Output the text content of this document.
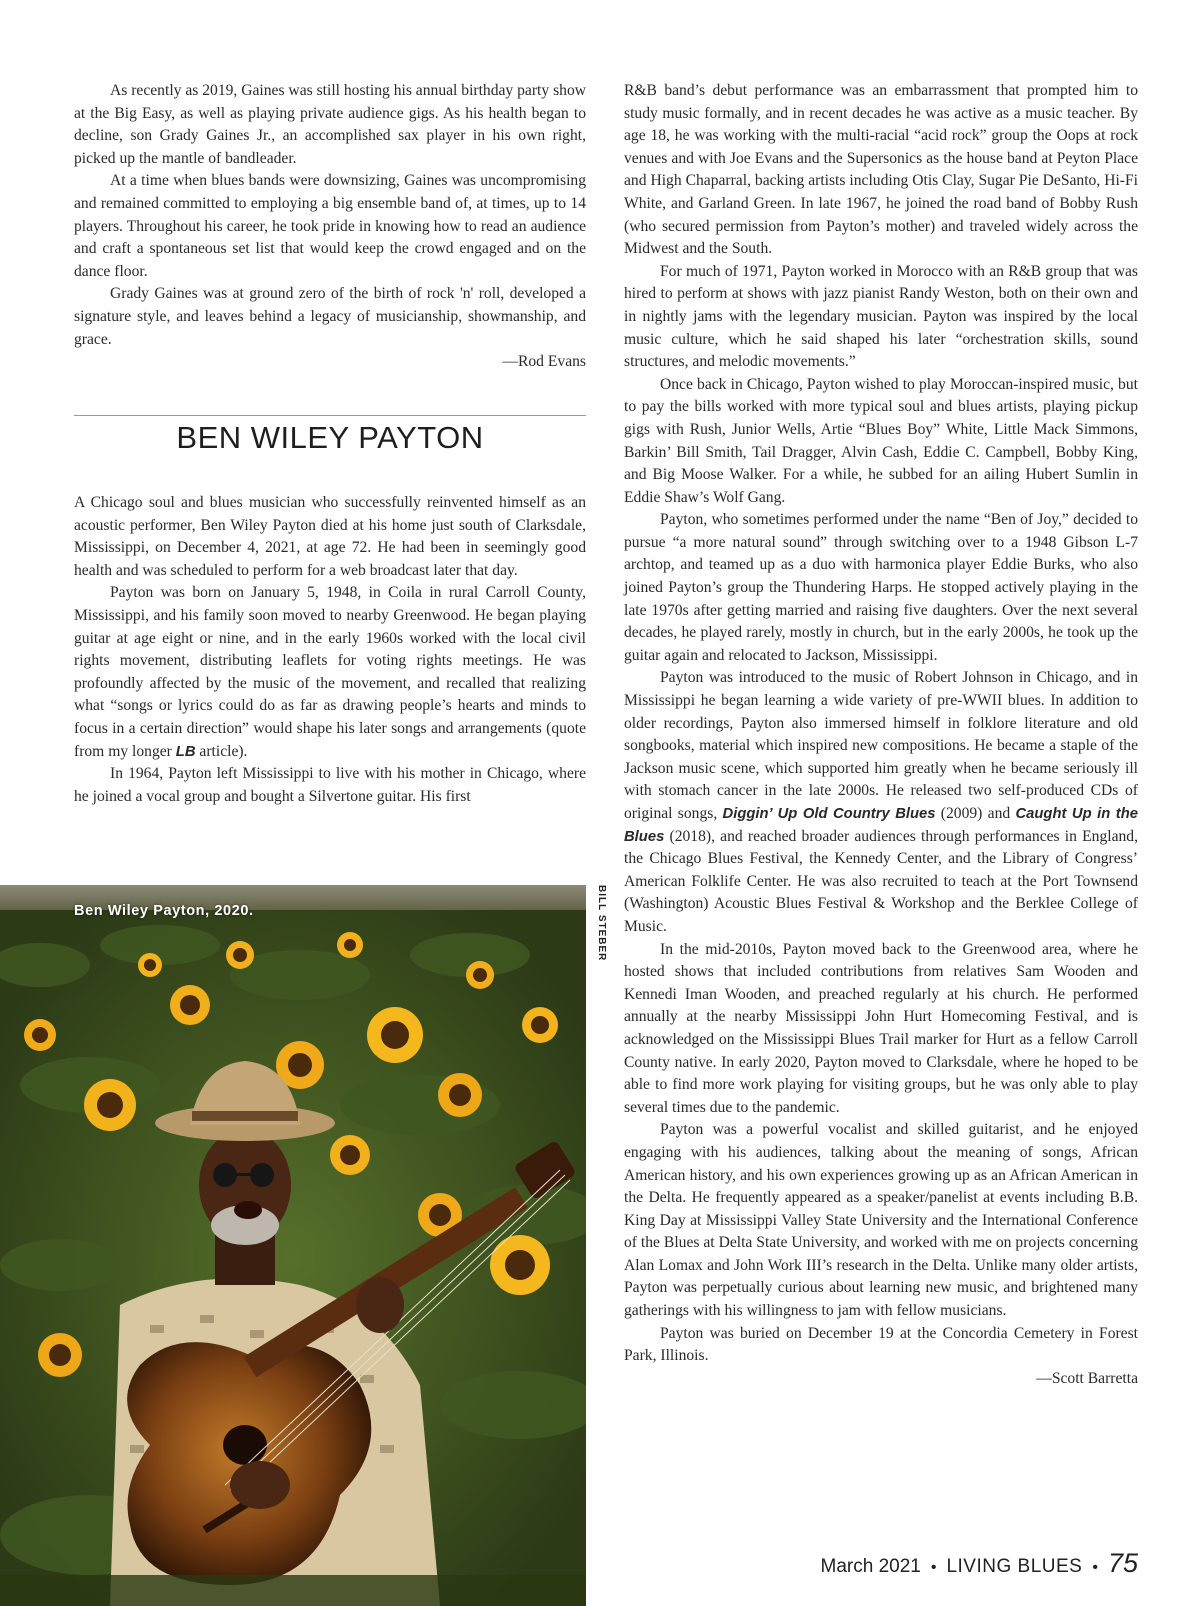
As recently as 2019, Gaines was still hosting his annual birthday party show at the Big Easy, as well as playing private audience gigs. As his health began to decline, son Grady Gaines Jr., an accomplished sax player in his own right, picked up the mantle of bandleader.

At a time when blues bands were downsizing, Gaines was uncompromising and remained committed to employing a big ensemble band of, at times, up to 14 players. Throughout his career, he took pride in knowing how to read an audience and craft a spontaneous set list that would keep the crowd engaged and on the dance floor.

Grady Gaines was at ground zero of the birth of rock 'n' roll, developed a signature style, and leaves behind a legacy of musicianship, showmanship, and grace.

—Rod Evans

BEN WILEY PAYTON

A Chicago soul and blues musician who successfully reinvented himself as an acoustic performer, Ben Wiley Payton died at his home just south of Clarksdale, Mississippi, on December 4, 2021, at age 72. He had been in seemingly good health and was scheduled to perform for a web broadcast later that day.

Payton was born on January 5, 1948, in Coila in rural Carroll County, Mississippi, and his family soon moved to nearby Greenwood. He began playing guitar at age eight or nine, and in the early 1960s worked with the local civil rights movement, distributing leaflets for voting rights meetings. He was profoundly affected by the music of the movement, and recalled that realizing what “songs or lyrics could do as far as drawing people’s hearts and minds to focus in a certain direction” would shape his later songs and arrangements (quote from my longer LB article).

In 1964, Payton left Mississippi to live with his mother in Chicago, where he joined a vocal group and bought a Silvertone guitar. His first

Ben Wiley Payton, 2020.	BILL STEBER

R&B band’s debut performance was an embarrassment that prompted him to study music formally, and in recent decades he was active as a music teacher. By age 18, he was working with the multi-racial “acid rock” group the Oops at rock venues and with Joe Evans and the Supersonics as the house band at Peyton Place and High Chaparral, backing artists including Otis Clay, Sugar Pie DeSanto, Hi-Fi White, and Garland Green. In late 1967, he joined the road band of Bobby Rush (who secured permission from Payton’s mother) and traveled widely across the Midwest and the South.

For much of 1971, Payton worked in Morocco with an R&B group that was hired to perform at shows with jazz pianist Randy Weston, both on their own and in nightly jams with the legendary musician. Payton was inspired by the local music culture, which he said shaped his later “orchestration skills, sound structures, and melodic movements.”

Once back in Chicago, Payton wished to play Moroccan-inspired music, but to pay the bills worked with more typical soul and blues artists, playing pickup gigs with Rush, Junior Wells, Artie “Blues Boy” White, Little Mack Simmons, Barkin’ Bill Smith, Tail Dragger, Alvin Cash, Eddie C. Campbell, Bobby King, and Big Moose Walker. For a while, he subbed for an ailing Hubert Sumlin in Eddie Shaw’s Wolf Gang.

Payton, who sometimes performed under the name “Ben of Joy,” decided to pursue “a more natural sound” through switching over to a 1948 Gibson L-7 archtop, and teamed up as a duo with harmonica player Eddie Burks, who also joined Payton’s group the Thundering Harps. He stopped actively playing in the late 1970s after getting married and raising five daughters. Over the next several decades, he played rarely, mostly in church, but in the early 2000s, he took up the guitar again and relocated to Jackson, Mississippi.

Payton was introduced to the music of Robert Johnson in Chicago, and in Mississippi he began learning a wide variety of pre-WWII blues. In addition to older recordings, Payton also immersed himself in folklore literature and old songbooks, material which inspired new compositions. He became a staple of the Jackson music scene, which supported him greatly when he became seriously ill with stomach cancer in the late 2000s. He released two self-produced CDs of original songs, Diggin’ Up Old Country Blues (2009) and Caught Up in the Blues (2018), and reached broader audiences through performances in England, the Chicago Blues Festival, the Kennedy Center, and the Library of Congress’ American Folklife Center. He was also recruited to teach at the Port Townsend (Washington) Acoustic Blues Festival & Workshop and the Berklee College of Music.

In the mid-2010s, Payton moved back to the Greenwood area, where he hosted shows that included contributions from relatives Sam Wooden and Kennedi Iman Wooden, and preached regularly at his church. He performed annually at the nearby Mississippi John Hurt Homecoming Festival, and is acknowledged on the Mississippi Blues Trail marker for Hurt as a fellow Carroll County native. In early 2020, Payton moved to Clarksdale, where he hoped to be able to find more work playing for visiting groups, but he was only able to play several times due to the pandemic.

Payton was a powerful vocalist and skilled guitarist, and he enjoyed engaging with his audiences, talking about the meaning of songs, African American history, and his own experiences growing up as an African American in the Delta. He frequently appeared as a speaker/panelist at events including B.B. King Day at Mississippi Valley State University and the International Conference of the Blues at Delta State University, and worked with me on projects concerning Alan Lomax and John Work III’s research in the Delta. Unlike many older artists, Payton was perpetually curious about learning new music, and brightened many gatherings with his willingness to jam with fellow musicians.

Payton was buried on December 19 at the Concordia Cemetery in Forest Park, Illinois.

—Scott Barretta

March 2021 • LIVING BLUES • 75
